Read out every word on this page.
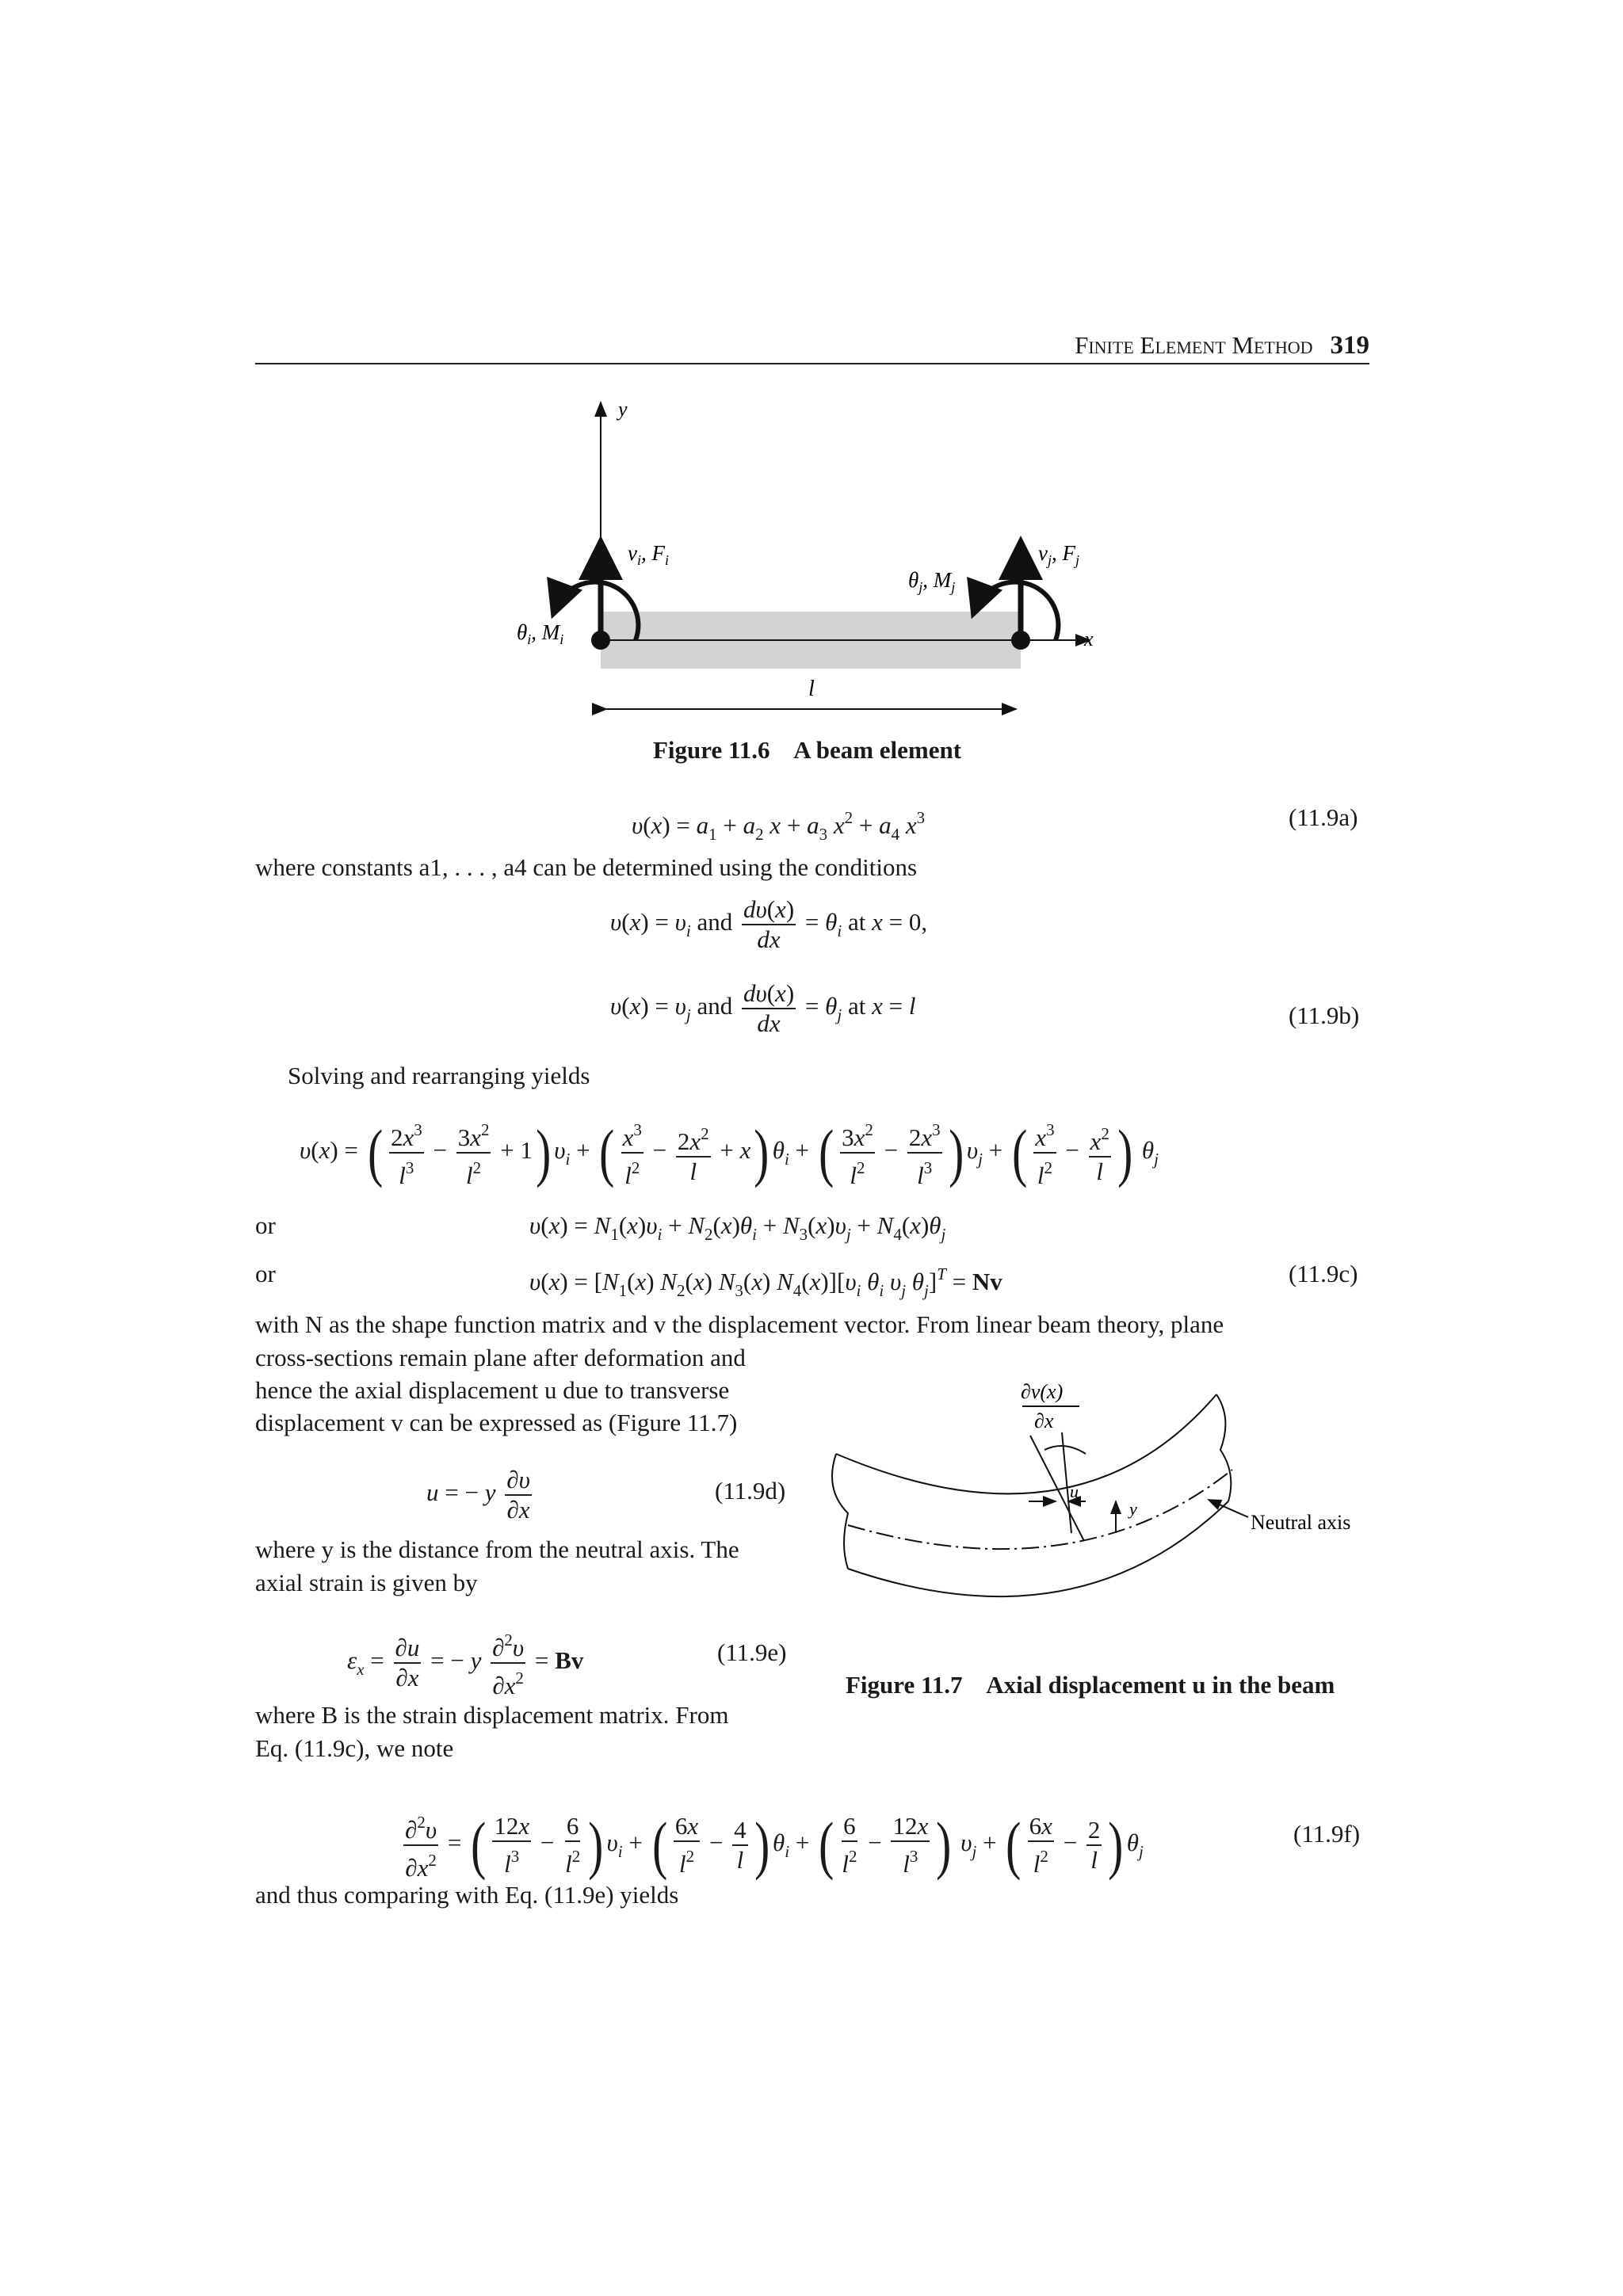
Finite Element Method 319
y
x
l
$v_i$, $F_i$	$v_j$, $F_j$
$\theta_i$, $M_i$
$\theta_j$, $M_j$
Figure 11.6 A beam element
$\upsilon(x) = a_1 + a_2$ $x + a_3$ $x^2 + a_4$ $x^3$	(11.9a)
where constants a1, . . . , a4 can be determined using the conditions
$\upsilon(x) = \upsilon_i$ and $\frac{d\upsilon(x)}{dx} = \theta_i$ at x = 0,
$\upsilon(x) = \upsilon_j$ and $\frac{d\upsilon(x)}{dx} = \theta_j$ at x = l	(11.9b)
Solving and rearranging yields
υ(x) = ( $\frac{2x^3}{l^3} - \frac{3x^2}{l^2} + 1$) $\upsilon_i$ + ( $\frac{x^3}{l^2} - \frac{2x^2}{l} + x$) $\theta_i$ + ( $\frac{3x^2}{l^2} - \frac{2x^3}{l^3}$ ) $\upsilon_j$ + ( $\frac{x^3}{l^2} - \frac{x^2}{l}$ ) $\theta_j$
or	$\upsilon(x) = N_1(x)\upsilon_i + N_2(x)\theta_i + N_3(x)\upsilon_j + N_4(x)\theta_j$
or	$\upsilon(x) = [N_1(x)$ $N_2(x)$ $N_3(x)$ $N_4(x)][\upsilon_i$ $\theta_i$ $\upsilon_j$ $\theta_j]^T = Nv$	(11.9c)
with N as the shape function matrix and v the displacement vector. From linear beam theory, plane
cross-sections remain plane after deformation and
hence the axial displacement u due to transverse
displacement v can be expressed as (Figure 11.7)
u = − y $\frac{\partial\upsilon}{\partial x}$	(11.9d)
where y is the distance from the neutral axis. The
axial strain is given by
$\varepsilon_x = \frac{\partial u}{\partial x}$ = − y $\frac{\partial^2\upsilon}{\partial x^2} = Bv$	(11.9e)
where B is the strain displacement matrix. From
Eq. (11.9c), we note
u
y
∂v(x)
∂x
Neutral axis
Figure 11.7 Axial displacement u in the beam
$\frac{\partial^2\upsilon}{\partial x^2}$ = ( $\frac{12x}{l^3} - \frac{6}{l^2}$ ) $\upsilon_i$ + ( $\frac{6x}{l^2} - \frac{4}{l}$ ) $\theta_i$ + ( $\frac{6}{l^2} - \frac{12x}{l^3}$ ) $\upsilon_j$ + ( $\frac{6x}{l^2} - \frac{2}{l}$ ) $\theta_j$
(11.9f)
and thus comparing with Eq. (11.9e) yields
